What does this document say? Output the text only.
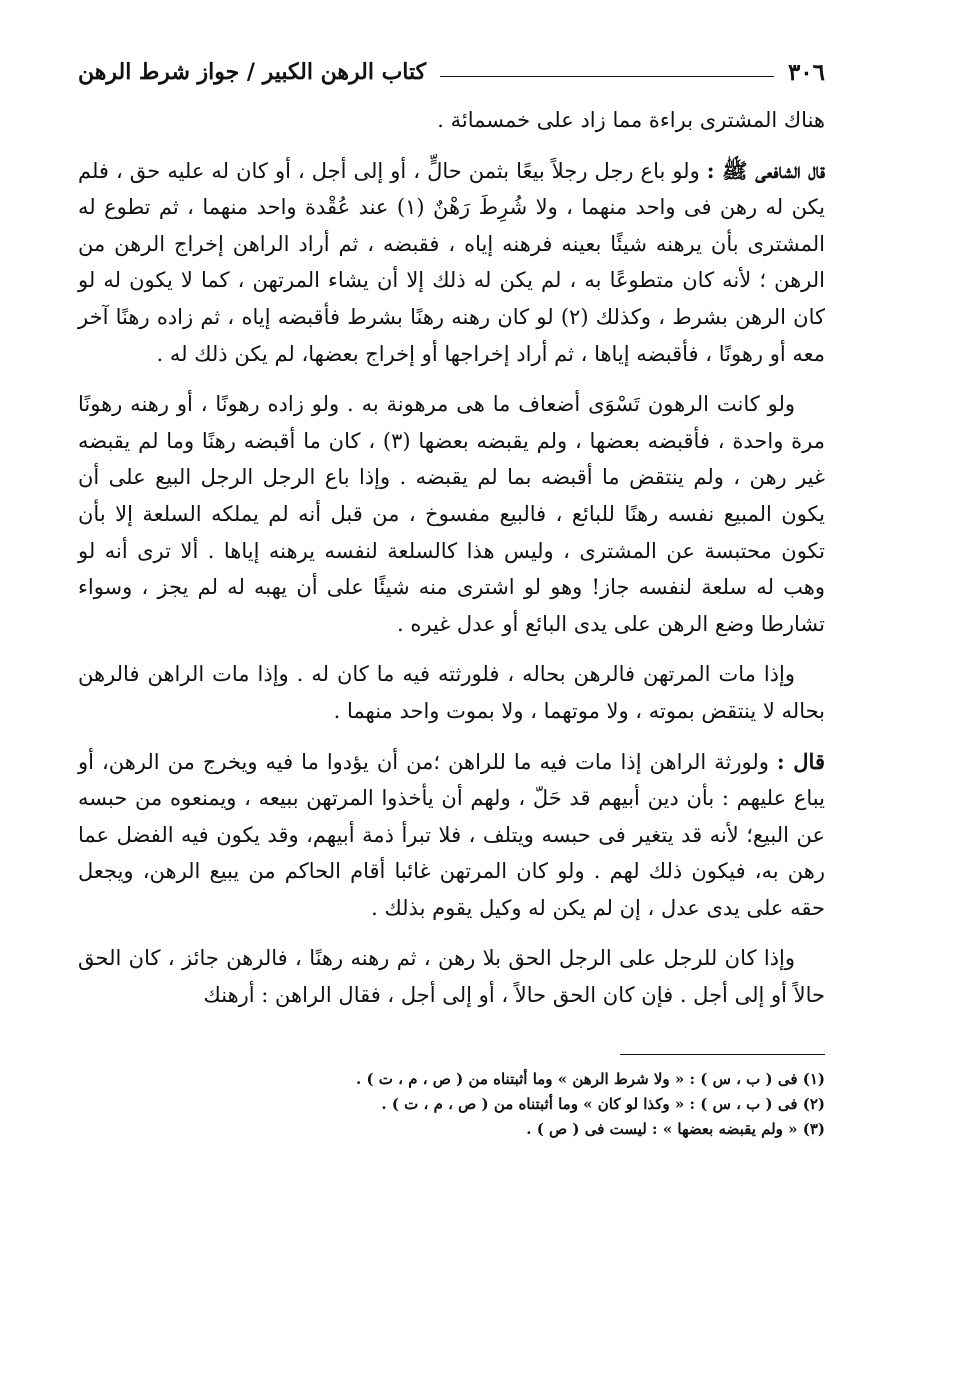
٣٠٦
كتاب الرهن الكبير / جواز شرط الرهن

هناك المشترى براءة مما زاد على خمسمائة .

قال الشافعى ﷺ : ولو باع رجل رجلاً بيعًا بثمن حالٍّ ، أو إلى أجل ، أو كان له عليه حق ، فلم يكن له رهن فى واحد منهما ، ولا شُرِطَ رَهْنٌ (١) عند عُقْدة واحد منهما ، ثم تطوع له المشترى بأن يرهنه شيئًا بعينه فرهنه إياه ، فقبضه ، ثم أراد الراهن إخراج الرهن من الرهن ؛ لأنه كان متطوعًا به ، لم يكن له ذلك إلا أن يشاء المرتهن ، كما لا يكون له لو كان الرهن بشرط ، وكذلك (٢) لو كان رهنه رهنًا بشرط فأقبضه إياه ، ثم زاده رهنًا آخر معه أو رهونًا ، فأقبضه إياها ، ثم أراد إخراجها أو إخراج بعضها، لم يكن ذلك له .

ولو كانت الرهون تَسْوَى أضعاف ما هى مرهونة به . ولو زاده رهونًا ، أو رهنه رهونًا مرة واحدة ، فأقبضه بعضها ، ولم يقبضه بعضها (٣) ، كان ما أقبضه رهنًا وما لم يقبضه غير رهن ، ولم ينتقض ما أقبضه بما لم يقبضه . وإذا باع الرجل الرجل البيع على أن يكون المبيع نفسه رهنًا للبائع ، فالبيع مفسوخ ، من قبل أنه لم يملكه السلعة إلا بأن تكون محتبسة عن المشترى ، وليس هذا كالسلعة لنفسه يرهنه إياها . ألا ترى أنه لو وهب له سلعة لنفسه جاز! وهو لو اشترى منه شيئًا على أن يهبه له لم يجز ، وسواء تشارطا وضع الرهن على يدى البائع أو عدل غيره .

وإذا مات المرتهن فالرهن بحاله ، فلورثته فيه ما كان له . وإذا مات الراهن فالرهن بحاله لا ينتقض بموته ، ولا موتهما ، ولا بموت واحد منهما .

قال : ولورثة الراهن إذا مات فيه ما للراهن ؛من أن يؤدوا ما فيه ويخرج من الرهن، أو يباع عليهم : بأن دين أبيهم قد حَلّ ، ولهم أن يأخذوا المرتهن ببيعه ، ويمنعوه من حبسه عن البيع؛ لأنه قد يتغير فى حبسه ويتلف ، فلا تبرأ ذمة أبيهم، وقد يكون فيه الفضل عما رهن به، فيكون ذلك لهم . ولو كان المرتهن غائبا أقام الحاكم من يبيع الرهن، ويجعل حقه على يدى عدل ، إن لم يكن له وكيل يقوم بذلك .

وإذا كان للرجل على الرجل الحق بلا رهن ، ثم رهنه رهنًا ، فالرهن جائز ، كان الحق حالاً أو إلى أجل . فإن كان الحق حالاً ، أو إلى أجل ، فقال الراهن : أرهنك

(١) فى ( ب ، س ) : « ولا شرط الرهن » وما أثبتناه من ( ص ، م ، ت ) .

(٢) فى ( ب ، س ) : « وكذا لو كان » وما أثبتناه من ( ص ، م ، ت ) .

(٣) « ولم يقبضه بعضها » : ليست فى ( ص ) .
